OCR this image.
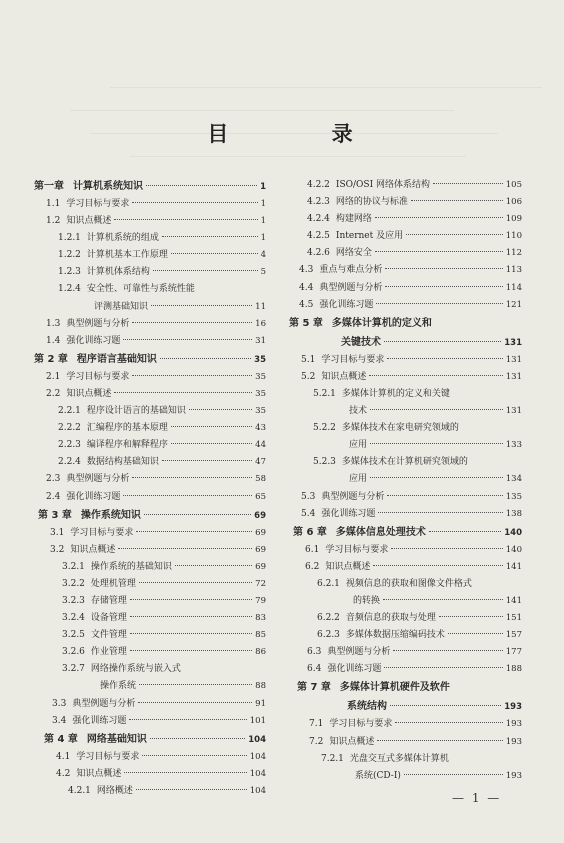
目 录
第一章 计算机系统知识	1
1.1 学习目标与要求	1
1.2 知识点概述	1
1.2.1 计算机系统的组成	1
1.2.2 计算机基本工作原理	4
1.2.3 计算机体系结构	5
1.2.4 安全性、可靠性与系统性能
评测基础知识	11
1.3 典型例题与分析	16
1.4 强化训练习题	31
第 2 章 程序语言基础知识	35
2.1 学习目标与要求	35
2.2 知识点概述	35
2.2.1 程序设计语言的基础知识	35
2.2.2 汇编程序的基本原理	43
2.2.3 编译程序和解释程序	44
2.2.4 数据结构基础知识	47
2.3 典型例题与分析	58
2.4 强化训练习题	65
第 3 章 操作系统知识	69
3.1 学习目标与要求	69
3.2 知识点概述	69
3.2.1 操作系统的基础知识	69
3.2.2 处理机管理	72
3.2.3 存储管理	79
3.2.4 设备管理	83
3.2.5 文件管理	85
3.2.6 作业管理	86
3.2.7 网络操作系统与嵌入式
操作系统	88
3.3 典型例题与分析	91
3.4 强化训练习题	101
第 4 章 网络基础知识	104
4.1 学习目标与要求	104
4.2 知识点概述	104
4.2.1 网络概述	104
4.2.2 ISO/OSI 网络体系结构	105
4.2.3 网络的协议与标准	106
4.2.4 构建网络	109
4.2.5 Internet 及应用	110
4.2.6 网络安全	112
4.3 重点与难点分析	113
4.4 典型例题与分析	114
4.5 强化训练习题	121
第 5 章 多媒体计算机的定义和
关键技术	131
5.1 学习目标与要求	131
5.2 知识点概述	131
5.2.1 多媒体计算机的定义和关键
技术	131
5.2.2 多媒体技术在家电研究领域的
应用	133
5.2.3 多媒体技术在计算机研究领域的
应用	134
5.3 典型例题与分析	135
5.4 强化训练习题	138
第 6 章 多媒体信息处理技术	140
6.1 学习目标与要求	140
6.2 知识点概述	141
6.2.1 视频信息的获取和图像文件格式
的转换	141
6.2.2 音频信息的获取与处理	151
6.2.3 多媒体数据压缩编码技术	157
6.3 典型例题与分析	177
6.4 强化训练习题	188
第 7 章 多媒体计算机硬件及软件
系统结构	193
7.1 学习目标与要求	193
7.2 知识点概述	193
7.2.1 光盘交互式多媒体计算机
系统(CD-I)	193
— 1 —
